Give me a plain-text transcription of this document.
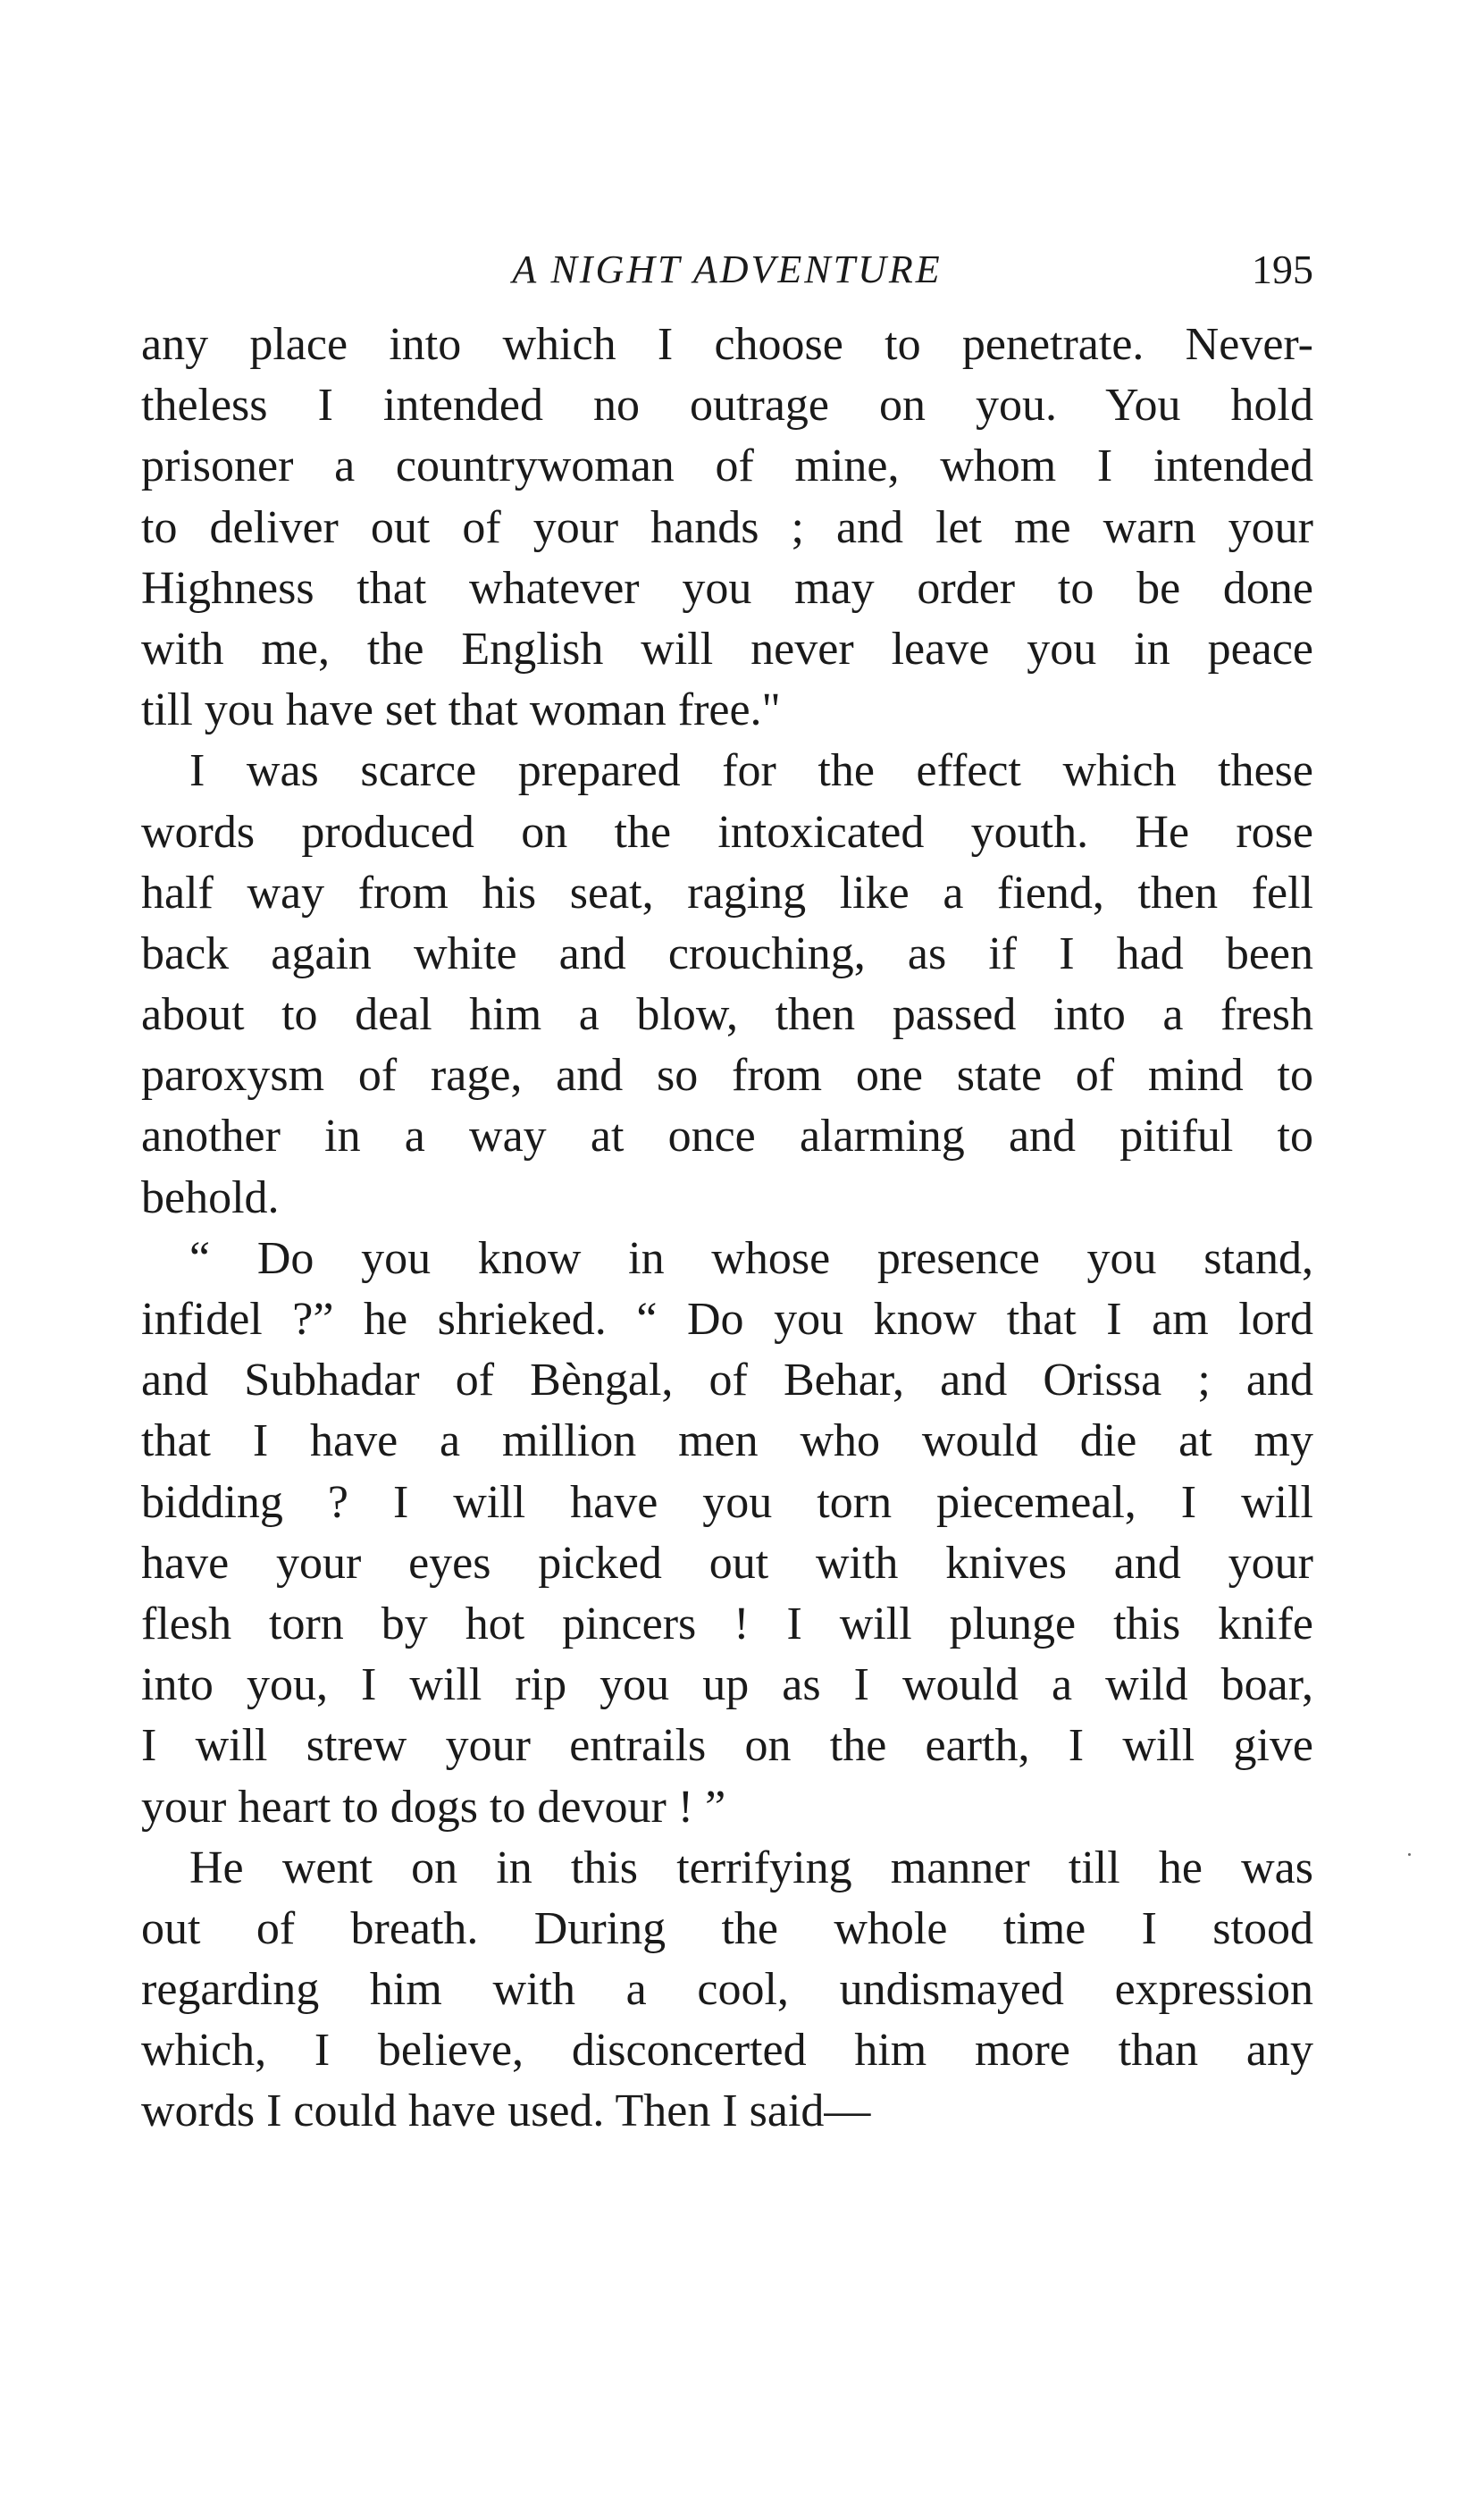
A NIGHT ADVENTURE	195
any place into which I choose to penetrate. Never-
theless I intended no outrage on you. You hold
prisoner a countrywoman of mine, whom I intended
to deliver out of your hands ; and let me warn your
Highness that whatever you may order to be done
with me, the English will never leave you in peace
till you have set that woman free."
I was scarce prepared for the effect which these
words produced on the intoxicated youth. He rose
half way from his seat, raging like a fiend, then fell
back again white and crouching, as if I had been
about to deal him a blow, then passed into a fresh
paroxysm of rage, and so from one state of mind to
another in a way at once alarming and pitiful to
behold.
“ Do you know in whose presence you stand,
infidel ?” he shrieked. “ Do you know that I am lord
and Subhadar of Bèngal, of Behar, and Orissa ; and
that I have a million men who would die at my
bidding ? I will have you torn piecemeal, I will
have your eyes picked out with knives and your
flesh torn by hot pincers ! I will plunge this knife
into you, I will rip you up as I would a wild boar,
I will strew your entrails on the earth, I will give
your heart to dogs to devour ! ”
He went on in this terrifying manner till he was
out of breath. During the whole time I stood
regarding him with a cool, undismayed expression
which, I believe, disconcerted him more than any
words I could have used. Then I said—
